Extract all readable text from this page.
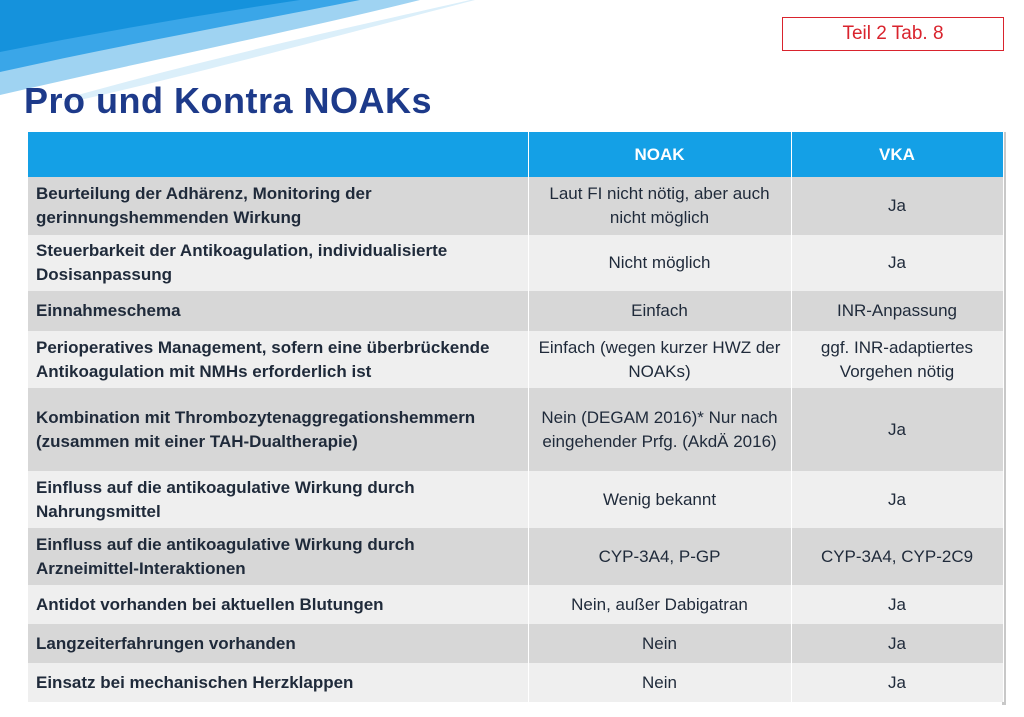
Teil 2 Tab. 8
Pro und Kontra NOAKs
	NOAK	VKA
Beurteilung der Adhärenz, Monitoring der gerinnungshemmenden Wirkung	Laut FI nicht nötig, aber auch nicht möglich	Ja
Steuerbarkeit der Antikoagulation, individualisierte Dosisanpassung	Nicht möglich	Ja
Einnahmeschema	Einfach	INR-Anpassung
Perioperatives Management, sofern eine überbrückende Antikoagulation mit NMHs erforderlich ist	Einfach (wegen kurzer HWZ der NOAKs)	ggf. INR-adaptiertes Vorgehen nötig
Kombination mit Thrombozytenaggregationshemmern (zusammen mit einer TAH-Dualtherapie)	Nein (DEGAM 2016)* Nur nach eingehender Prfg. (AkdÄ 2016)	Ja
Einfluss auf die antikoagulative Wirkung durch Nahrungsmittel	Wenig bekannt	Ja
Einfluss auf die antikoagulative Wirkung durch Arzneimittel-Interaktionen	CYP-3A4, P-GP	CYP-3A4, CYP-2C9
Antidot vorhanden bei aktuellen Blutungen	Nein, außer Dabigatran	Ja
Langzeiterfahrungen vorhanden	Nein	Ja
Einsatz bei mechanischen Herzklappen	Nein	Ja
